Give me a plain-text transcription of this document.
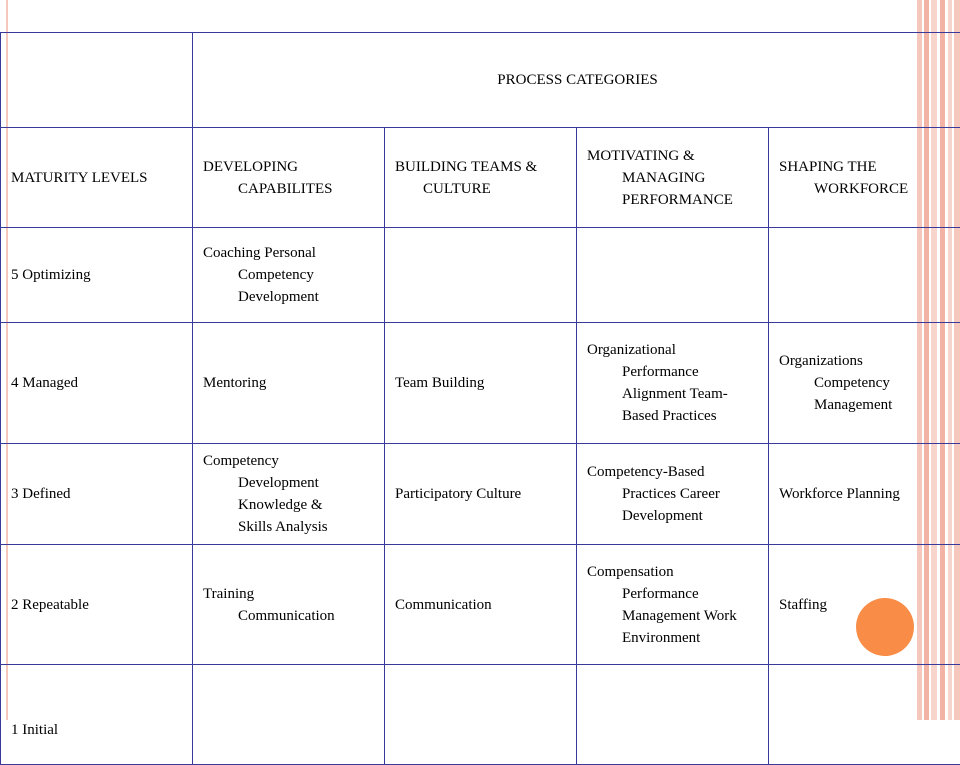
	PROCESS CATEGORIES			

MATURITY LEVELS	DEVELOPING CAPABILITES	BUILDING TEAMS & CULTURE	MOTIVATING & MANAGING PERFORMANCE	SHAPING THE WORKFORCE

5 Optimizing	Coaching Personal Competency Development			

4 Managed	Mentoring	Team Building	Organizational Performance Alignment Team-Based Practices	Organizations Competency Management

3 Defined	Competency Development Knowledge & Skills Analysis	Participatory Culture	Competency-Based Practices Career Development	Workforce Planning

2 Repeatable	Training Communication	Communication	Compensation Performance Management Work Environment	Staffing

1 Initial				
